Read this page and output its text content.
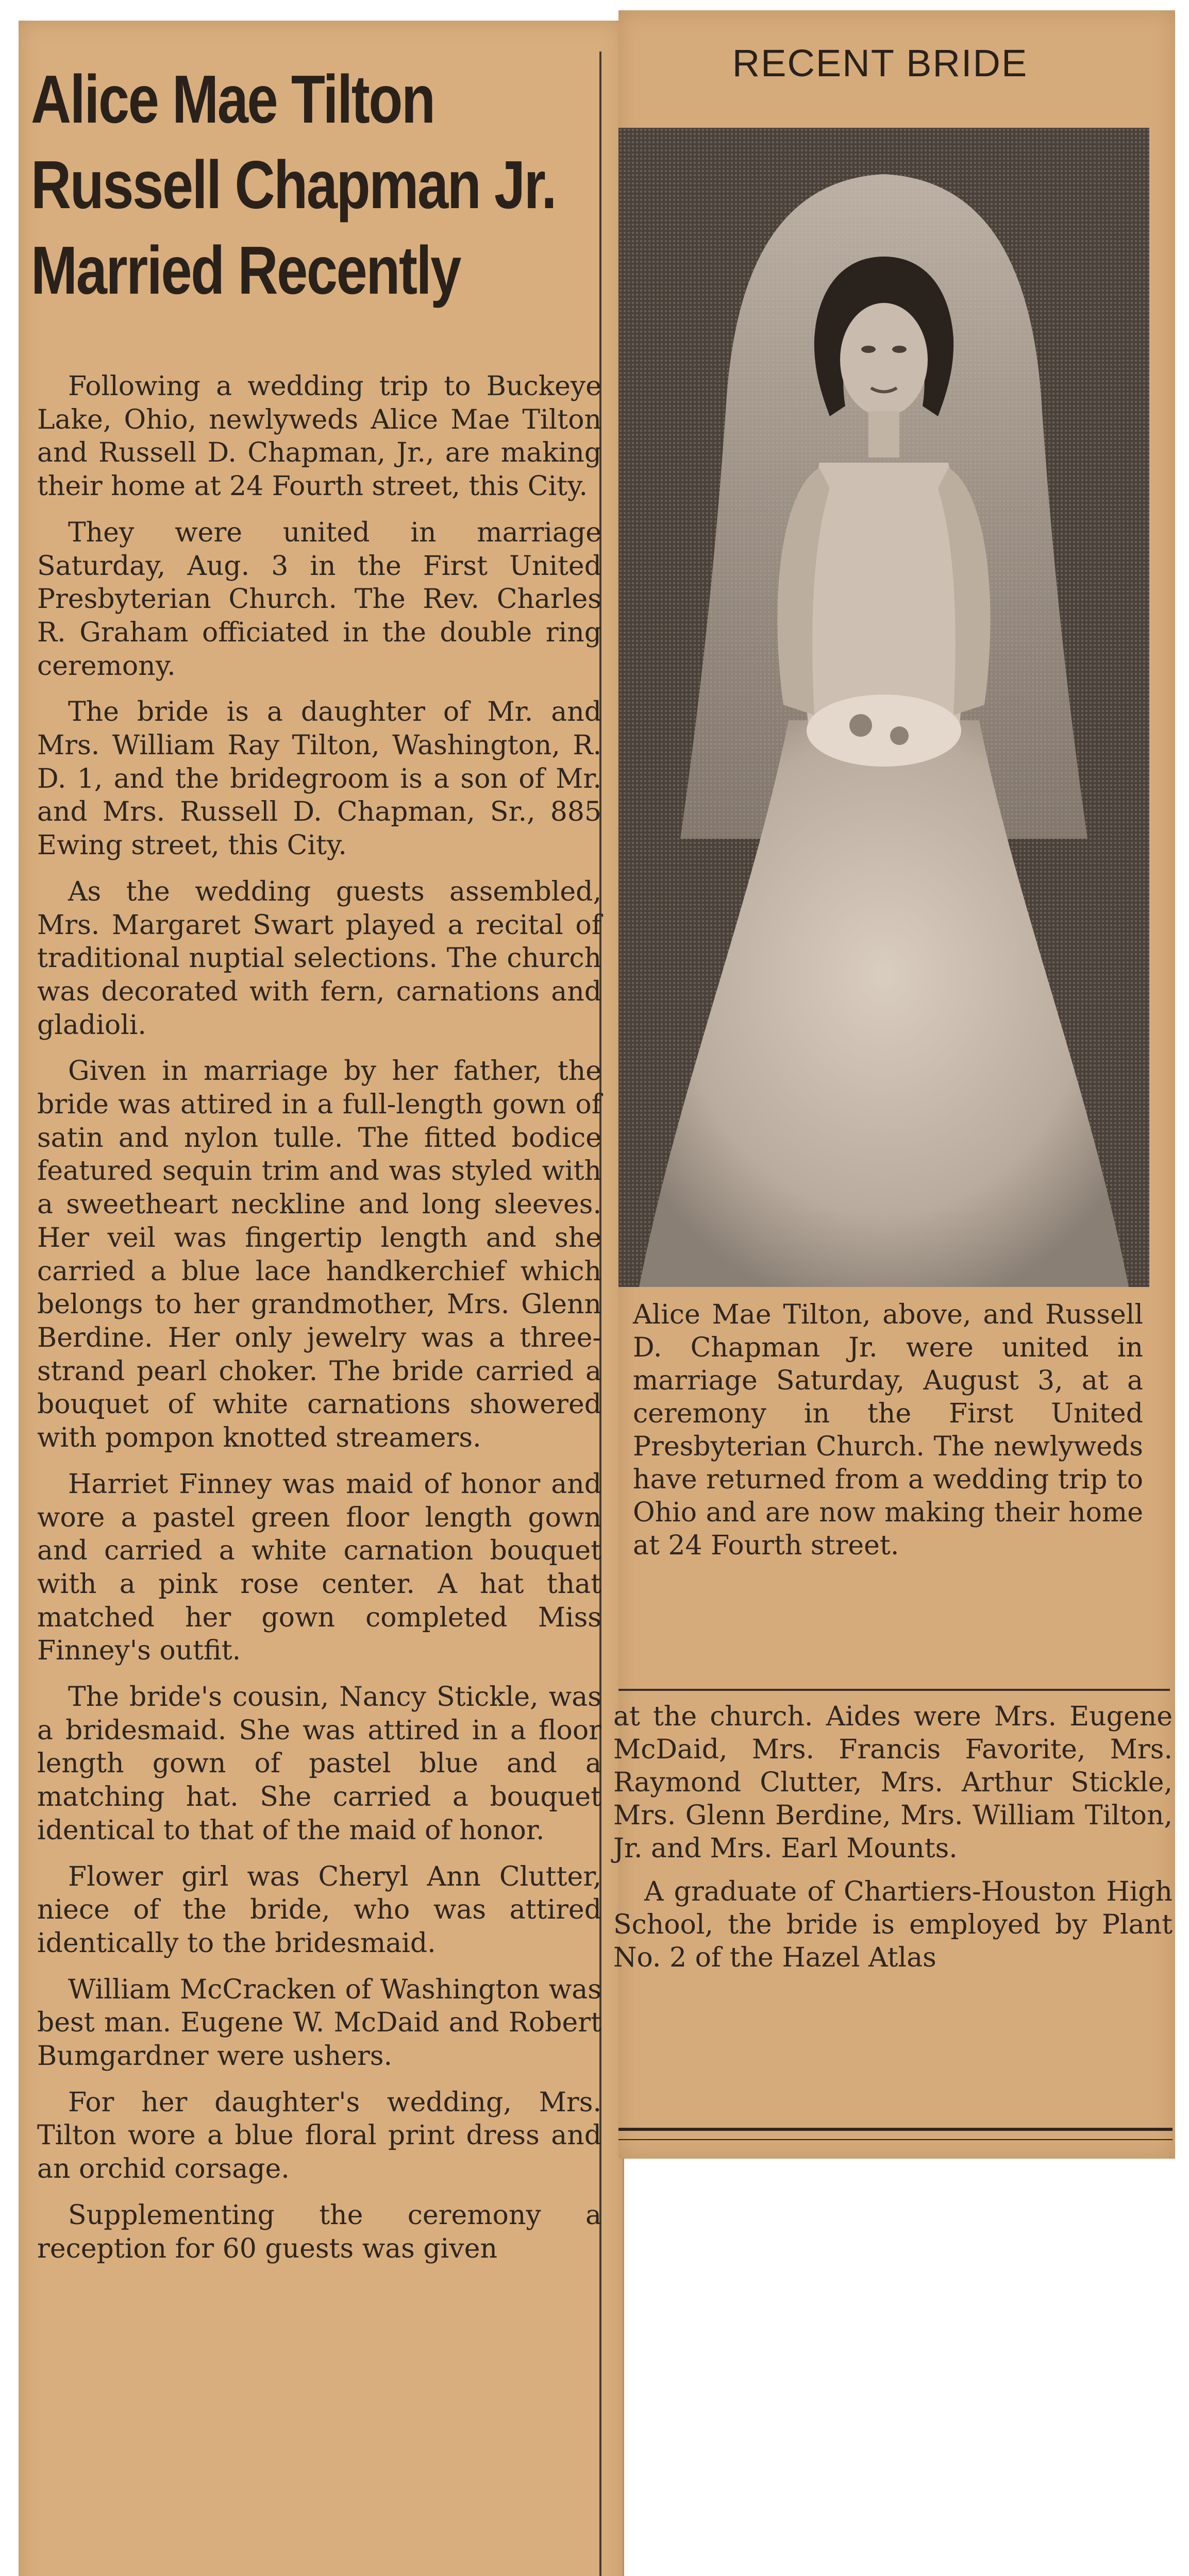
Alice Mae Tilton
Russell Chapman Jr.
Married Recently

Following a wedding trip to Buckeye Lake, Ohio, newlyweds Alice Mae Tilton and Russell D. Chapman, Jr., are making their home at 24 Fourth street, this City.

They were united in marriage Saturday, Aug. 3 in the First United Presbyterian Church. The Rev. Charles R. Graham officiated in the double ring ceremony.

The bride is a daughter of Mr. and Mrs. William Ray Tilton, Washington, R. D. 1, and the bridegroom is a son of Mr. and Mrs. Russell D. Chapman, Sr., 885 Ewing street, this City.

As the wedding guests assembled, Mrs. Margaret Swart played a recital of traditional nuptial selections. The church was decorated with fern, carnations and gladioli.

Given in marriage by her father, the bride was attired in a full-length gown of satin and nylon tulle. The fitted bodice featured sequin trim and was styled with a sweetheart neckline and long sleeves. Her veil was fingertip length and she carried a blue lace handkerchief which belongs to her grandmother, Mrs. Glenn Berdine. Her only jewelry was a three-strand pearl choker. The bride carried a bouquet of white carnations showered with pompon knotted streamers.

Harriet Finney was maid of honor and wore a pastel green floor length gown and carried a white carnation bouquet with a pink rose center. A hat that matched her gown completed Miss Finney's outfit.

The bride's cousin, Nancy Stickle, was a bridesmaid. She was attired in a floor length gown of pastel blue and a matching hat. She carried a bouquet identical to that of the maid of honor.

Flower girl was Cheryl Ann Clutter, niece of the bride, who was attired identically to the bridesmaid.

William McCracken of Washington was best man. Eugene W. McDaid and Robert Bumgardner were ushers.

For her daughter's wedding, Mrs. Tilton wore a blue floral print dress and an orchid corsage.

Supplementing the ceremony a reception for 60 guests was given

RECENT BRIDE

Alice Mae Tilton, above, and Russell D. Chapman Jr. were united in marriage Saturday, August 3, at a ceremony in the First United Presbyterian Church. The newlyweds have returned from a wedding trip to Ohio and are now making their home at 24 Fourth street.

at the church. Aides were Mrs. Eugene McDaid, Mrs. Francis Favorite, Mrs. Raymond Clutter, Mrs. Arthur Stickle, Mrs. Glenn Berdine, Mrs. William Tilton, Jr. and Mrs. Earl Mounts.

A graduate of Chartiers-Houston High School, the bride is employed by Plant No. 2 of the Hazel Atlas
